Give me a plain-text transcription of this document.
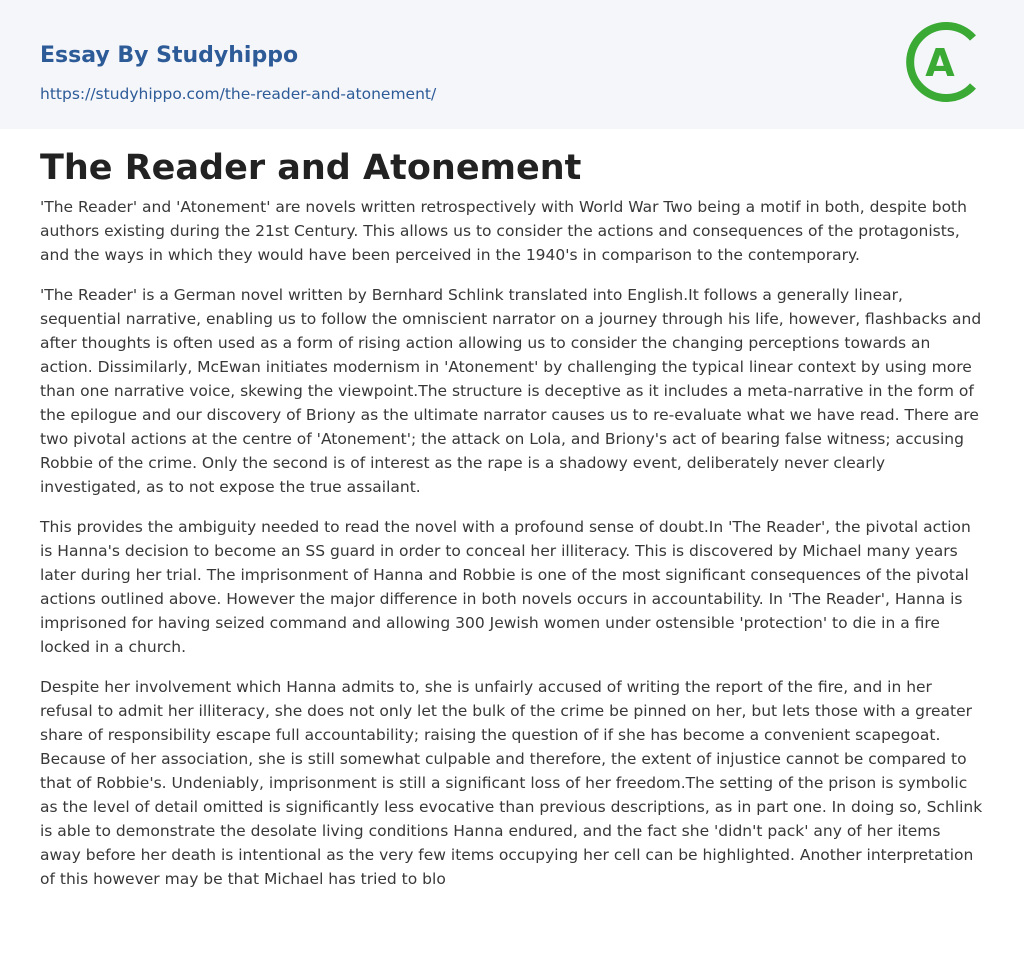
Essay By Studyhippo
https://studyhippo.com/the-reader-and-atonement/
A
The Reader and Atonement

'The Reader' and 'Atonement' are novels written retrospectively with World War Two being a motif in both, despite both authors existing during the 21st Century. This allows us to consider the actions and consequences of the protagonists, and the ways in which they would have been perceived in the 1940's in comparison to the contemporary.

'The Reader' is a German novel written by Bernhard Schlink translated into English.It follows a generally linear, sequential narrative, enabling us to follow the omniscient narrator on a journey through his life, however, flashbacks and after thoughts is often used as a form of rising action allowing us to consider the changing perceptions towards an action. Dissimilarly, McEwan initiates modernism in 'Atonement' by challenging the typical linear context by using more than one narrative voice, skewing the viewpoint.The structure is deceptive as it includes a meta-narrative in the form of the epilogue and our discovery of Briony as the ultimate narrator causes us to re-evaluate what we have read. There are two pivotal actions at the centre of 'Atonement'; the attack on Lola, and Briony's act of bearing false witness; accusing Robbie of the crime. Only the second is of interest as the rape is a shadowy event, deliberately never clearly investigated, as to not expose the true assailant.

This provides the ambiguity needed to read the novel with a profound sense of doubt.In 'The Reader', the pivotal action is Hanna's decision to become an SS guard in order to conceal her illiteracy. This is discovered by Michael many years later during her trial. The imprisonment of Hanna and Robbie is one of the most significant consequences of the pivotal actions outlined above. However the major difference in both novels occurs in accountability. In 'The Reader', Hanna is imprisoned for having seized command and allowing 300 Jewish women under ostensible 'protection' to die in a fire locked in a church.

Despite her involvement which Hanna admits to, she is unfairly accused of writing the report of the fire, and in her refusal to admit her illiteracy, she does not only let the bulk of the crime be pinned on her, but lets those with a greater share of responsibility escape full accountability; raising the question of if she has become a convenient scapegoat. Because of her association, she is still somewhat culpable and therefore, the extent of injustice cannot be compared to that of Robbie's. Undeniably, imprisonment is still a significant loss of her freedom.The setting of the prison is symbolic as the level of detail omitted is significantly less evocative than previous descriptions, as in part one. In doing so, Schlink is able to demonstrate the desolate living conditions Hanna endured, and the fact she 'didn't pack' any of her items away before her death is intentional as the very few items occupying her cell can be highlighted. Another interpretation of this however may be that Michael has tried to blo
